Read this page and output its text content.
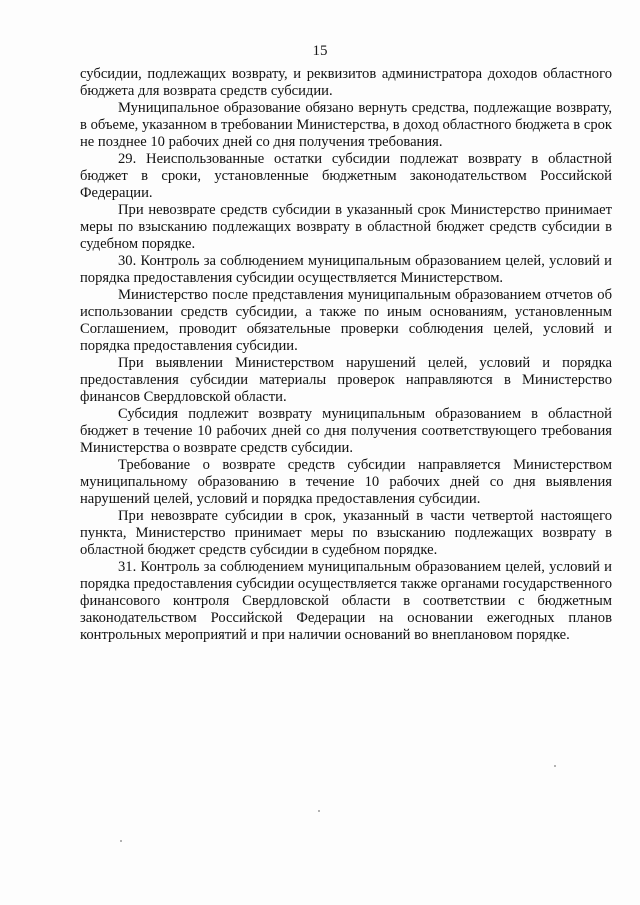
15

субсидии, подлежащих возврату, и реквизитов администратора доходов областного бюджета для возврата средств субсидии.

Муниципальное образование обязано вернуть средства, подлежащие возврату, в объеме, указанном в требовании Министерства, в доход областного бюджета в срок не позднее 10 рабочих дней со дня получения требования.

29. Неиспользованные остатки субсидии подлежат возврату в областной бюджет в сроки, установленные бюджетным законодательством Российской Федерации.

При невозврате средств субсидии в указанный срок Министерство принимает меры по взысканию подлежащих возврату в областной бюджет средств субсидии в судебном порядке.

30. Контроль за соблюдением муниципальным образованием целей, условий и порядка предоставления субсидии осуществляется Министерством.

Министерство после представления муниципальным образованием отчетов об использовании средств субсидии, а также по иным основаниям, установленным Соглашением, проводит обязательные проверки соблюдения целей, условий и порядка предоставления субсидии.

При выявлении Министерством нарушений целей, условий и порядка предоставления субсидии материалы проверок направляются в Министерство финансов Свердловской области.

Субсидия подлежит возврату муниципальным образованием в областной бюджет в течение 10 рабочих дней со дня получения соответствующего требования Министерства о возврате средств субсидии.

Требование о возврате средств субсидии направляется Министерством муниципальному образованию в течение 10 рабочих дней со дня выявления нарушений целей, условий и порядка предоставления субсидии.

При невозврате субсидии в срок, указанный в части четвертой настоящего пункта, Министерство принимает меры по взысканию подлежащих возврату в областной бюджет средств субсидии в судебном порядке.

31. Контроль за соблюдением муниципальным образованием целей, условий и порядка предоставления субсидии осуществляется также органами государственного финансового контроля Свердловской области в соответствии с бюджетным законодательством Российской Федерации на основании ежегодных планов контрольных мероприятий и при наличии оснований во внеплановом порядке.
